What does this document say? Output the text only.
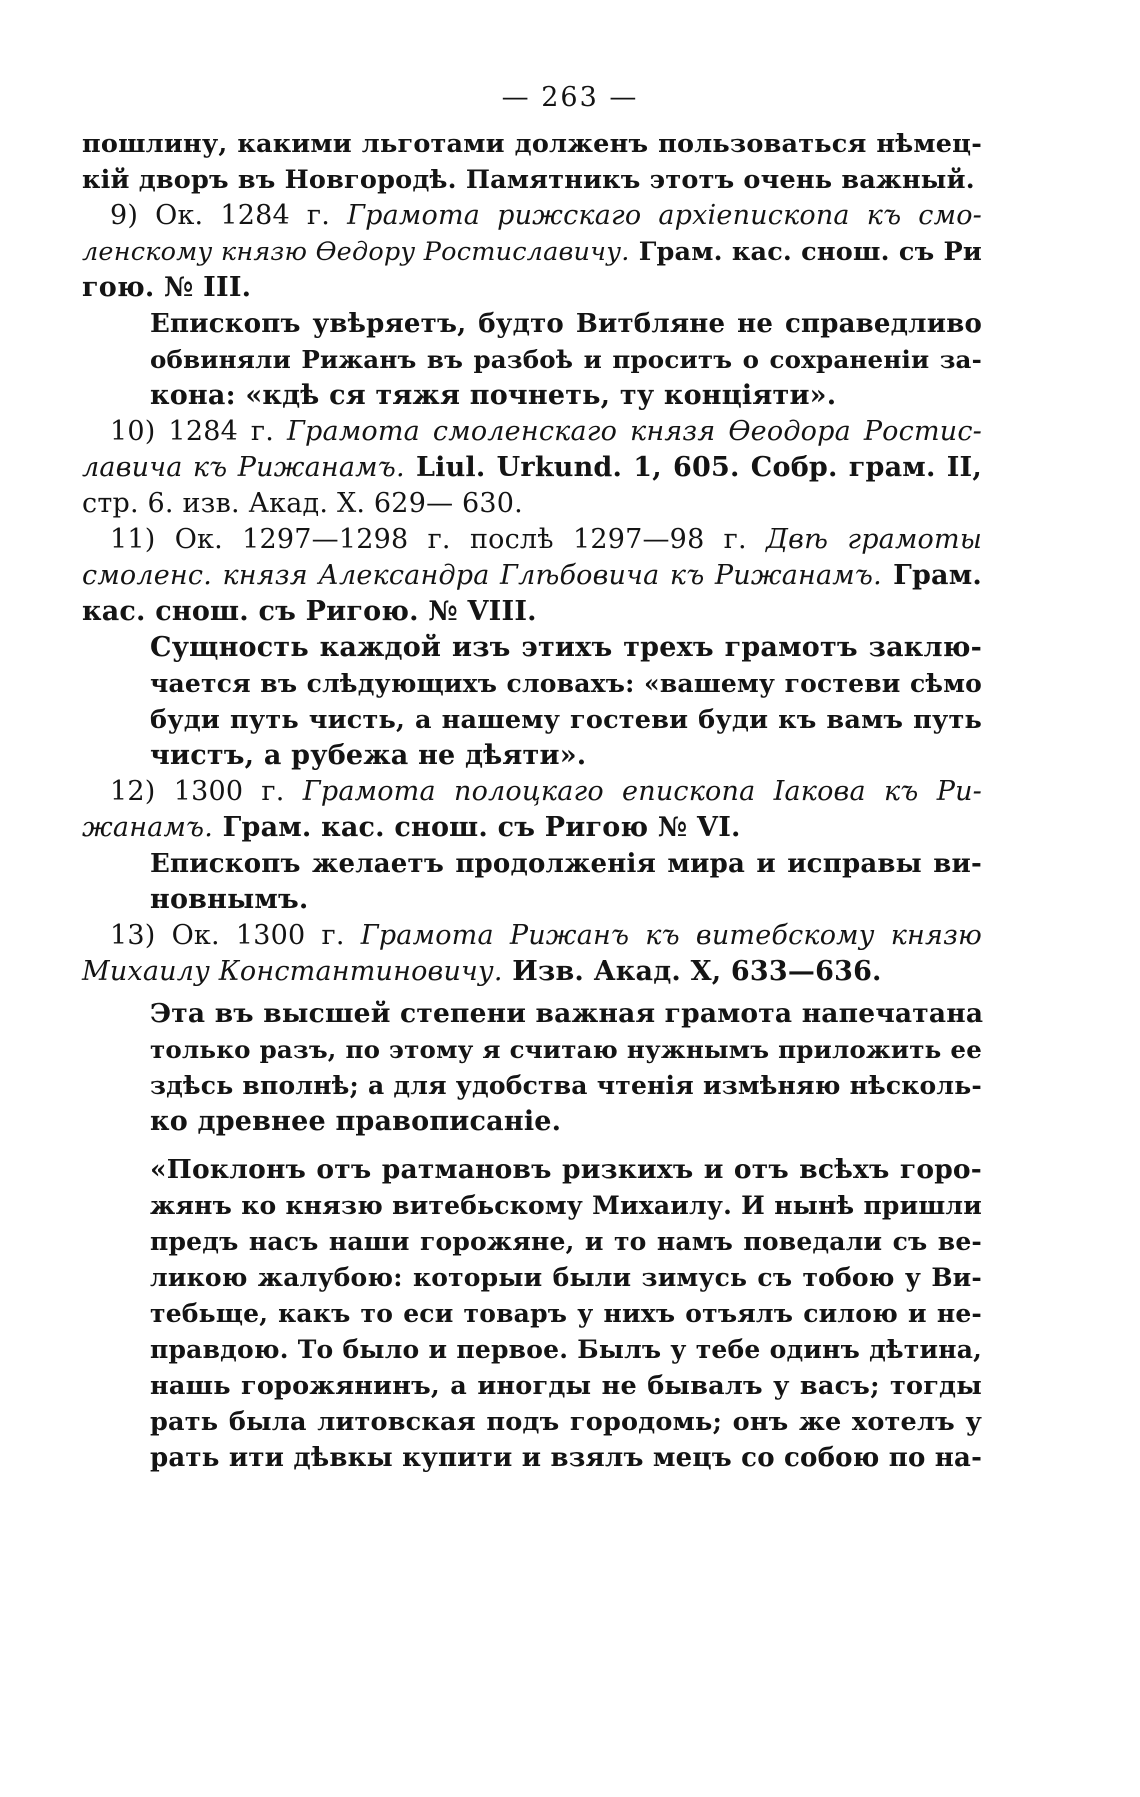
— 263 —
пошлину, какими льготами долженъ пользоваться нѣмец-
кій дворъ въ Новгородѣ. Памятникъ этотъ очень важный.
9) Ок. 1284 г. Грамота рижскаго архіепископа къ смо-
ленскому князю Ѳедору Ростиславичу. Грам. кас. снош. съ Ри
гою. № III.
Епископъ увѣряетъ, будто Витбляне не справедливо
обвиняли Рижанъ въ разбоѣ и проситъ о сохраненіи за-
кона: «кдѣ ся тяжя почнеть, ту конціяти».
10) 1284 г. Грамота смоленскаго князя Ѳеодора Ростис-
лавича къ Рижанамъ. Liul. Urkund. 1, 605. Собр. грам. II,
стр. 6. изв. Акад. X. 629— 630.
11) Ок. 1297—1298 г. послѣ 1297—98 г. Двѣ грамоты
смоленс. князя Александра Глѣбовича къ Рижанамъ. Грам.
кас. снош. съ Ригою. № VIII.
Сущность каждой изъ этихъ трехъ грамотъ заклю-
чается въ слѣдующихъ словахъ: «вашему гостеви сѣмо
буди путь чисть, а нашему гостеви буди къ вамъ путь
чистъ, а рубежа не дѣяти».
12) 1300 г. Грамота полоцкаго епископа Іакова къ Ри-
жанамъ. Грам. кас. снош. съ Ригою № VI.
Епископъ желаетъ продолженія мира и исправы ви-
новнымъ.
13) Ок. 1300 г. Грамота Рижанъ къ витебскому князю
Михаилу Константиновичу. Изв. Акад. X, 633—636.
Эта въ высшей степени важная грамота напечатана
только разъ, по этому я считаю нужнымъ приложить ее
здѣсь вполнѣ; а для удобства чтенія измѣняю нѣсколь-
ко древнее правописаніе.
«Поклонъ отъ ратмановъ ризкихъ и отъ всѣхъ горо-
жянъ ко князю витебьскому Михаилу. И нынѣ пришли
предъ насъ наши горожяне, и то намъ поведали съ ве-
ликою жалубою: которыи были зимусь съ тобою у Ви-
тебьще, какъ то еси товаръ у нихъ отъялъ силою и не-
правдою. То было и первое. Былъ у тебе одинъ дѣтина,
нашь горожянинъ, а иногды не бывалъ у васъ; тогды
рать была литовская подъ городомь; онъ же хотелъ у
рать ити дѣвкы купити и взялъ мецъ со собою по на-
